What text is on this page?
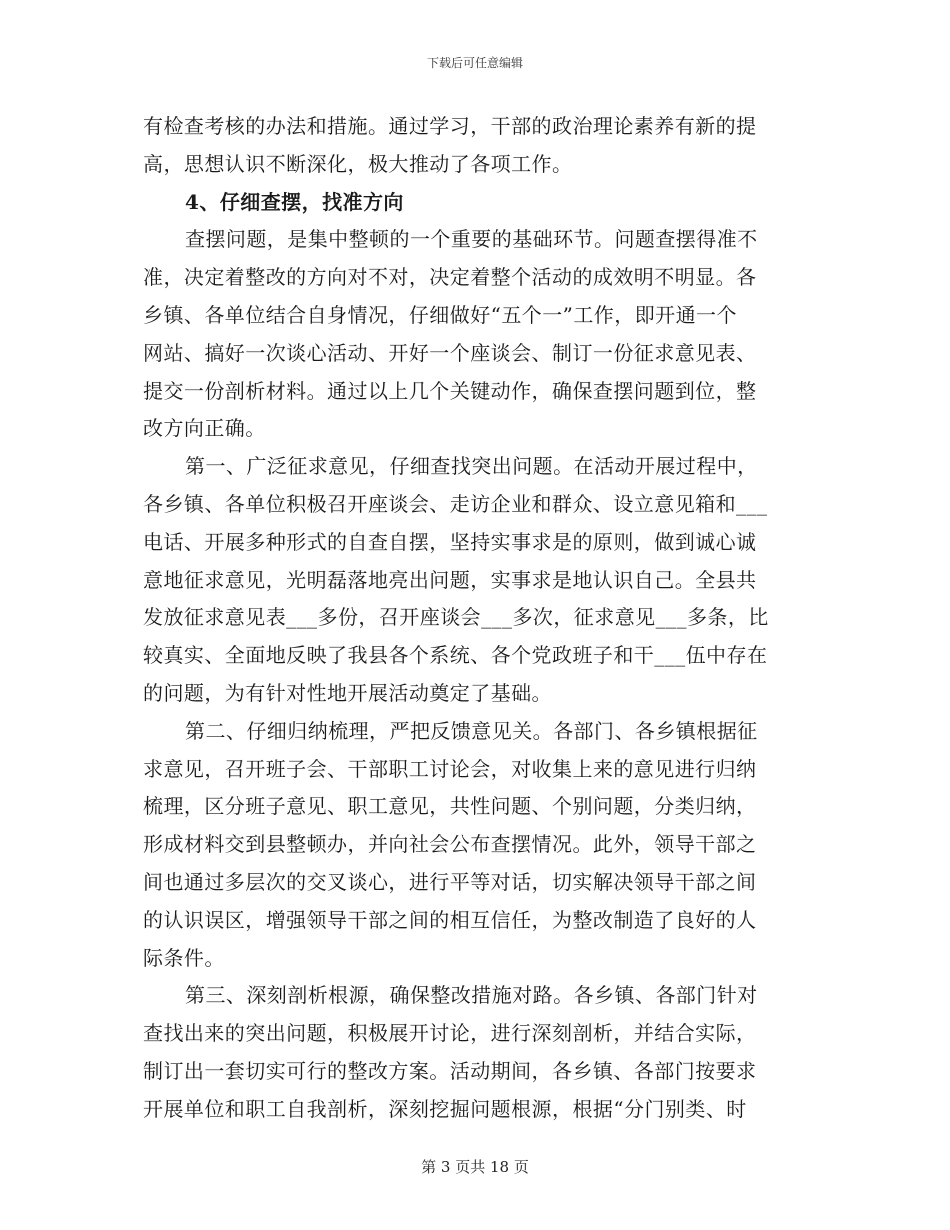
下载后可任意编辑
有检查考核的办法和措施。通过学习，干部的政治理论素养有新的提
高，思想认识不断深化，极大推动了各项工作。
4、仔细查摆，找准方向
查摆问题，是集中整顿的一个重要的基础环节。问题查摆得准不
准，决定着整改的方向对不对，决定着整个活动的成效明不明显。各
乡镇、各单位结合自身情况，仔细做好“五个一”工作，即开通一个
网站、搞好一次谈心活动、开好一个座谈会、制订一份征求意见表、
提交一份剖析材料。通过以上几个关键动作，确保查摆问题到位，整
改方向正确。
第一、广泛征求意见，仔细查找突出问题。在活动开展过程中，
各乡镇、各单位积极召开座谈会、走访企业和群众、设立意见箱和___
电话、开展多种形式的自查自摆，坚持实事求是的原则，做到诚心诚
意地征求意见，光明磊落地亮出问题，实事求是地认识自己。全县共
发放征求意见表___多份，召开座谈会___多次，征求意见___多条，比
较真实、全面地反映了我县各个系统、各个党政班子和干___伍中存在
的问题，为有针对性地开展活动奠定了基础。
第二、仔细归纳梳理，严把反馈意见关。各部门、各乡镇根据征
求意见，召开班子会、干部职工讨论会，对收集上来的意见进行归纳
梳理，区分班子意见、职工意见，共性问题、个别问题，分类归纳，
形成材料交到县整顿办，并向社会公布查摆情况。此外，领导干部之
间也通过多层次的交叉谈心，进行平等对话，切实解决领导干部之间
的认识误区，增强领导干部之间的相互信任，为整改制造了良好的人
际条件。
第三、深刻剖析根源，确保整改措施对路。各乡镇、各部门针对
查找出来的突出问题，积极展开讨论，进行深刻剖析，并结合实际，
制订出一套切实可行的整改方案。活动期间，各乡镇、各部门按要求
开展单位和职工自我剖析，深刻挖掘问题根源，根据“分门别类、时
第 3 页共 18 页
